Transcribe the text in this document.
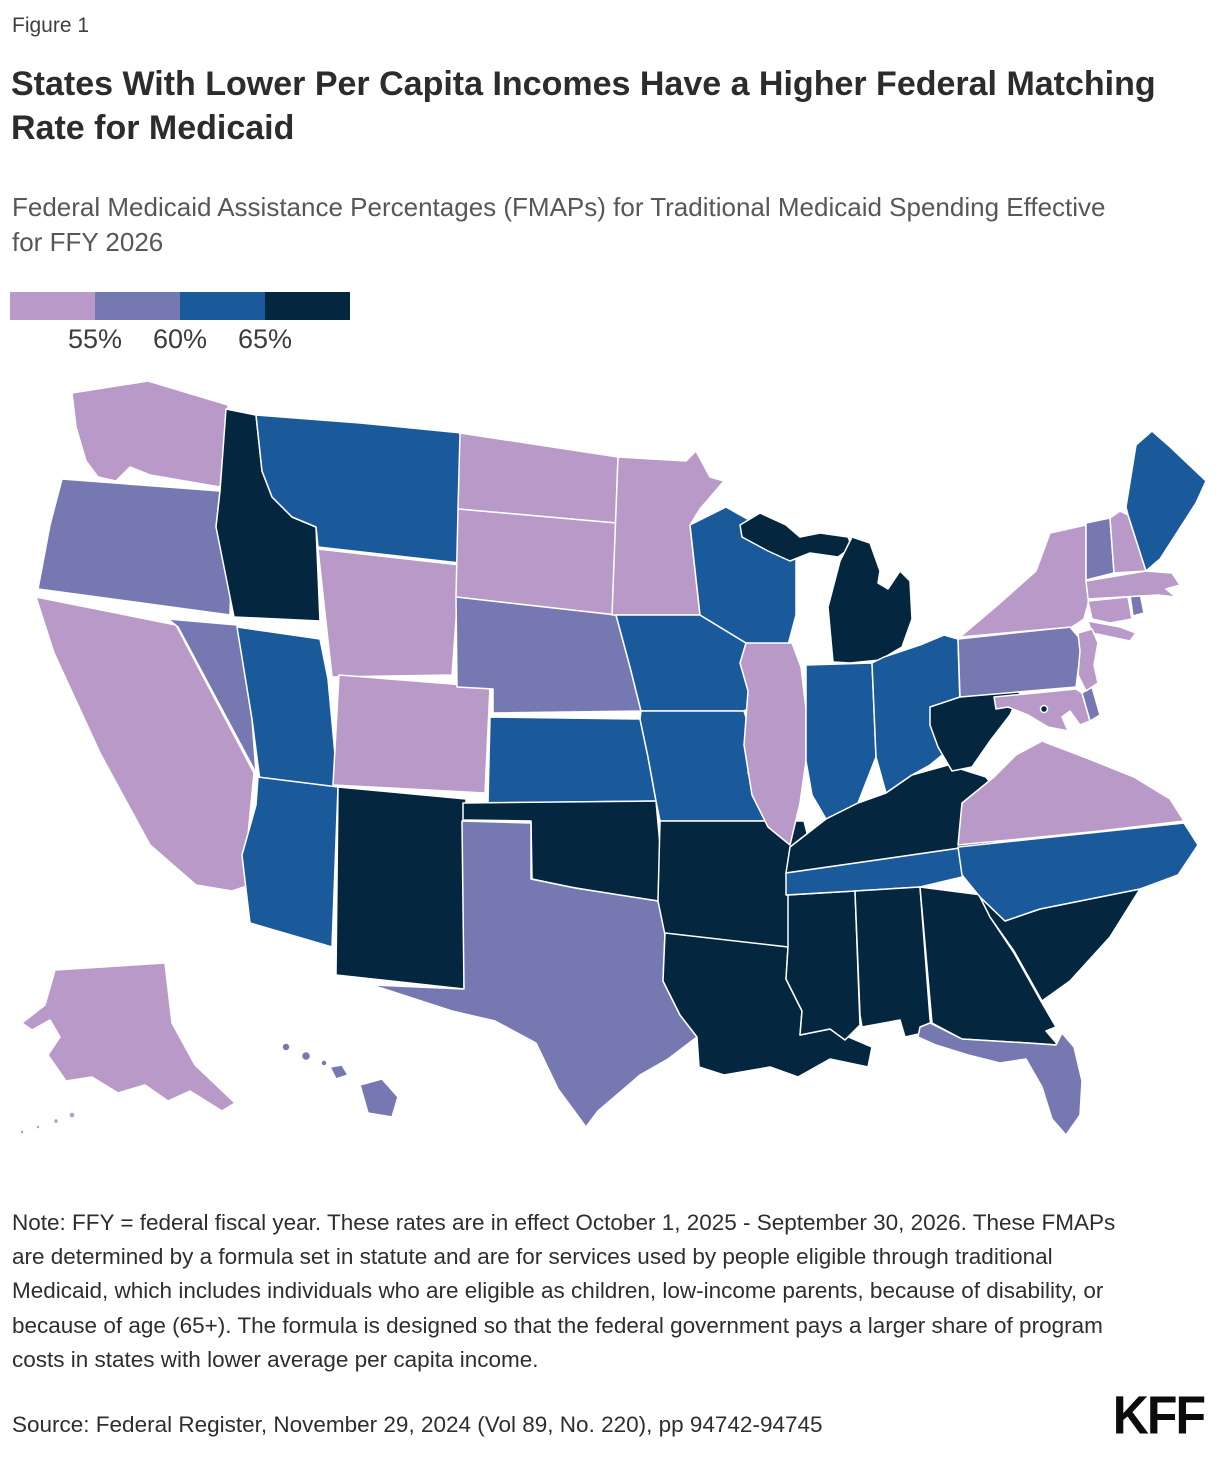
Figure 1
States With Lower Per Capita Incomes Have a Higher Federal Matching Rate for Medicaid
Federal Medicaid Assistance Percentages (FMAPs) for Traditional Medicaid Spending Effective for FFY 2026
55% 60% 65%
Note: FFY = federal fiscal year. These rates are in effect October 1, 2025 - September 30, 2026. These FMAPs are determined by a formula set in statute and are for services used by people eligible through traditional Medicaid, which includes individuals who are eligible as children, low-income parents, because of disability, or because of age (65+). The formula is designed so that the federal government pays a larger share of program costs in states with lower average per capita income.
Source: Federal Register, November 29, 2024 (Vol 89, No. 220), pp 94742-94745	KFF
